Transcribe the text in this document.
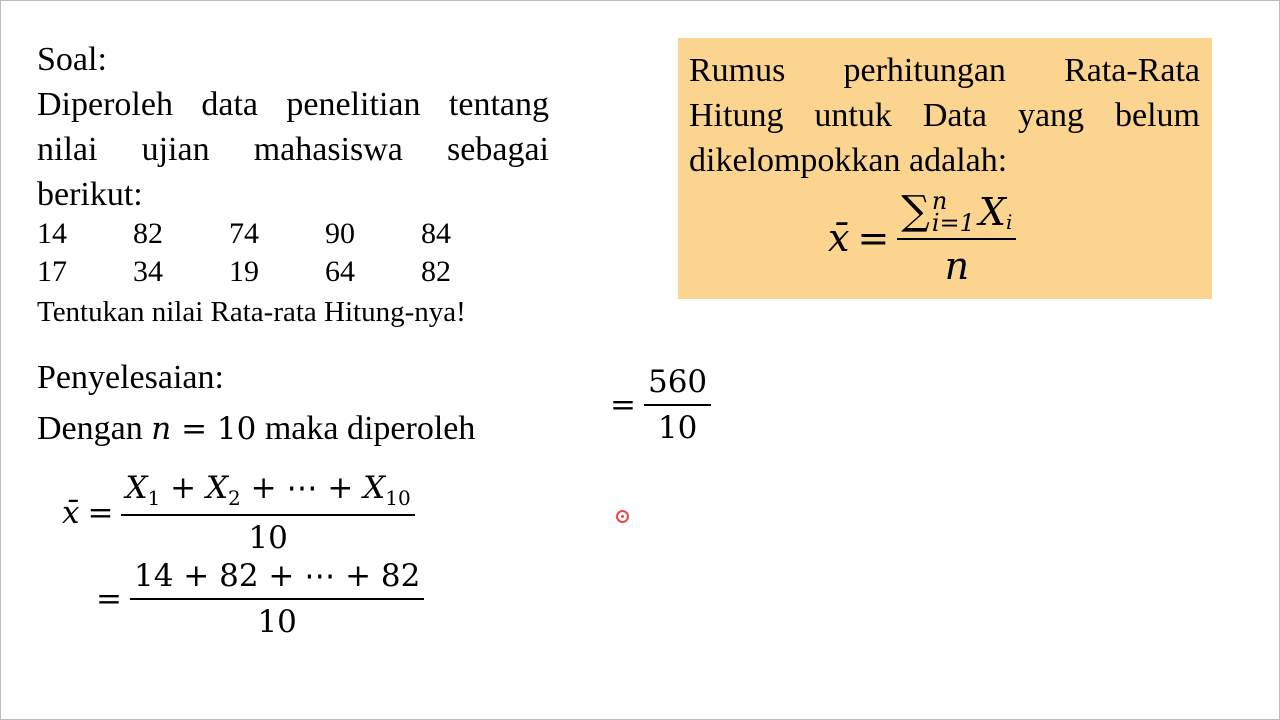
Soal:
Diperoleh data penelitian tentang nilai ujian mahasiswa sebagai berikut:
14	82	74	90	84
17	34	19	64	82
Tentukan nilai Rata-rata Hitung-nya!
Penyelesaian:
Dengan n = 10 maka diperoleh
x̄ = $\frac{X_1 + X_2 + \cdots + X_{10}}{10}$
= $\frac{14 + 82 + \cdots + 82}{10}$
= $\frac{560}{10}$
Rumus perhitungan Rata-Rata Hitung untuk Data yang belum dikelompokkan adalah:
x̄ = ∑ n
i=1 $X_i$
n
